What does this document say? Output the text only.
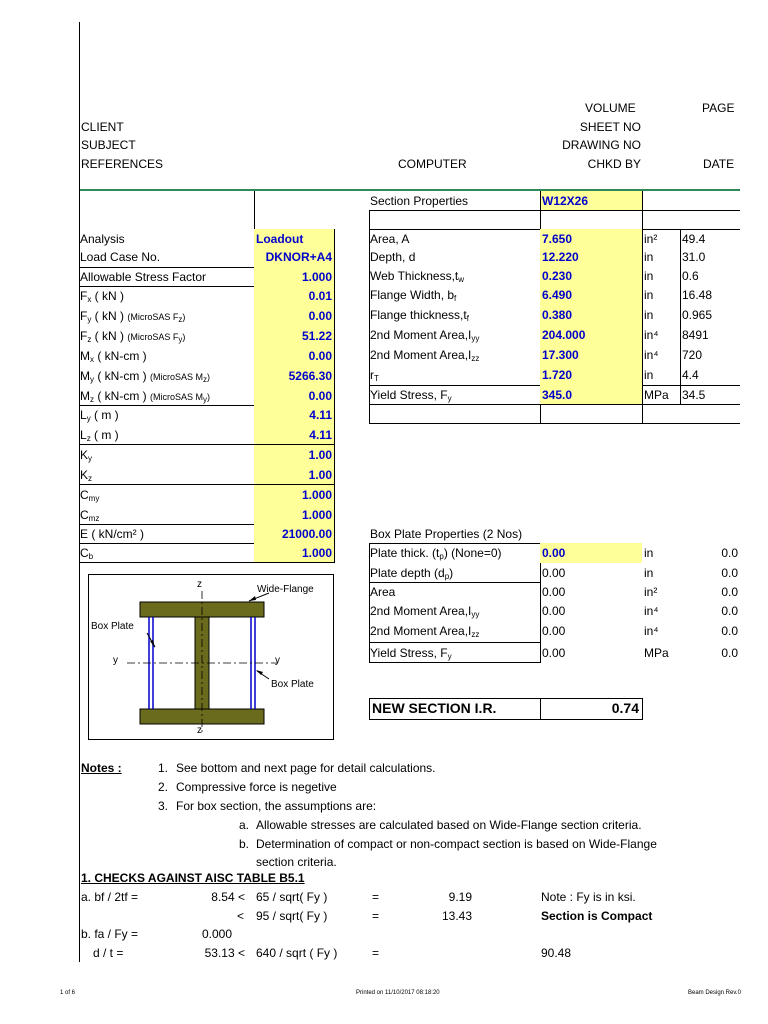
VOLUME	PAGE
CLIENT	SHEET NO
SUBJECT	DRAWING NO
REFERENCES	COMPUTER	CHKD BY	DATE
Analysis	Loadout
Load Case No.	DKNOR+A4
Allowable Stress Factor	1.000
$F_x$ ( kN )	0.01
$F_y$ ( kN ) (MicroSAS $F_z$)	0.00
$F_z$ ( kN ) (MicroSAS $F_y$)	51.22
$M_x$ ( kN-cm )	0.00
$M_y$ ( kN-cm ) (MicroSAS $M_z$)	5266.30
$M_z$ ( kN-cm ) (MicroSAS $M_y$)	0.00
$L_y$ ( m )	4.11
$L_z$ ( m )	4.11
$K_y$	1.00
$K_z$	1.00
$C_{my}$	1.000
$C_{mz}$	1.000
E ( kN/cm² )	21000.00
$C_b$	1.000
Section Properties	W12X26
Area, A	7.650	in²	49.4
Depth, d	12.220	in	31.0
Web $Thickness,t_w$	0.230	in	0.6
Flange Width, $b_f$	6.490	in	16.48
Flange $thickness,t_f$	0.380	in	0.965
2nd Moment $Area,I_{yy}$	204.000	in⁴	8491
2nd Moment $Area,I_{zz}$	17.300	in⁴	720
$r_T$	1.720	in	4.4
Yield Stress, $F_y$	345.0	MPa	34.5
Box Plate Properties (2 Nos)
Plate thick. $(t_p)$ (None=0)	0.00	in	0.0
Plate depth $(d_p)$	0.00	in	0.0
Area	0.00	in²	0.0
2nd Moment $Area,I_{yy}$	0.00	in⁴	0.0
2nd Moment $Area,I_{zz}$	0.00	in⁴	0.0
Yield Stress, $F_y$	0.00	MPa	0.0
NEW SECTION I.R.	0.74
z
z
y	y
Wide-Flange
Box Plate
Box Plate
Notes :	1. See bottom and next page for detail calculations.
2. Compressive force is negetive
3. For box section, the assumptions are:
a. Allowable stresses are calculated based on Wide-Flange section criteria.
b. Determination of compact or non-compact section is based on Wide-Flange
section criteria.
1. CHECKS AGAINST AISC TABLE B5.1
a. bf / 2tf =	8.54 < 65 / sqrt( Fy )	=	9.19	Note : Fy is in ksi.
< 95 / sqrt( Fy )	=	13.43	Section is Compact
b. fa / Fy =	0.000
d / t =	53.13 < 640 / sqrt ( Fy )	=	90.48
1 of 6	Printed on 11/10/2017 08:18:20	Beam Design Rev.0
